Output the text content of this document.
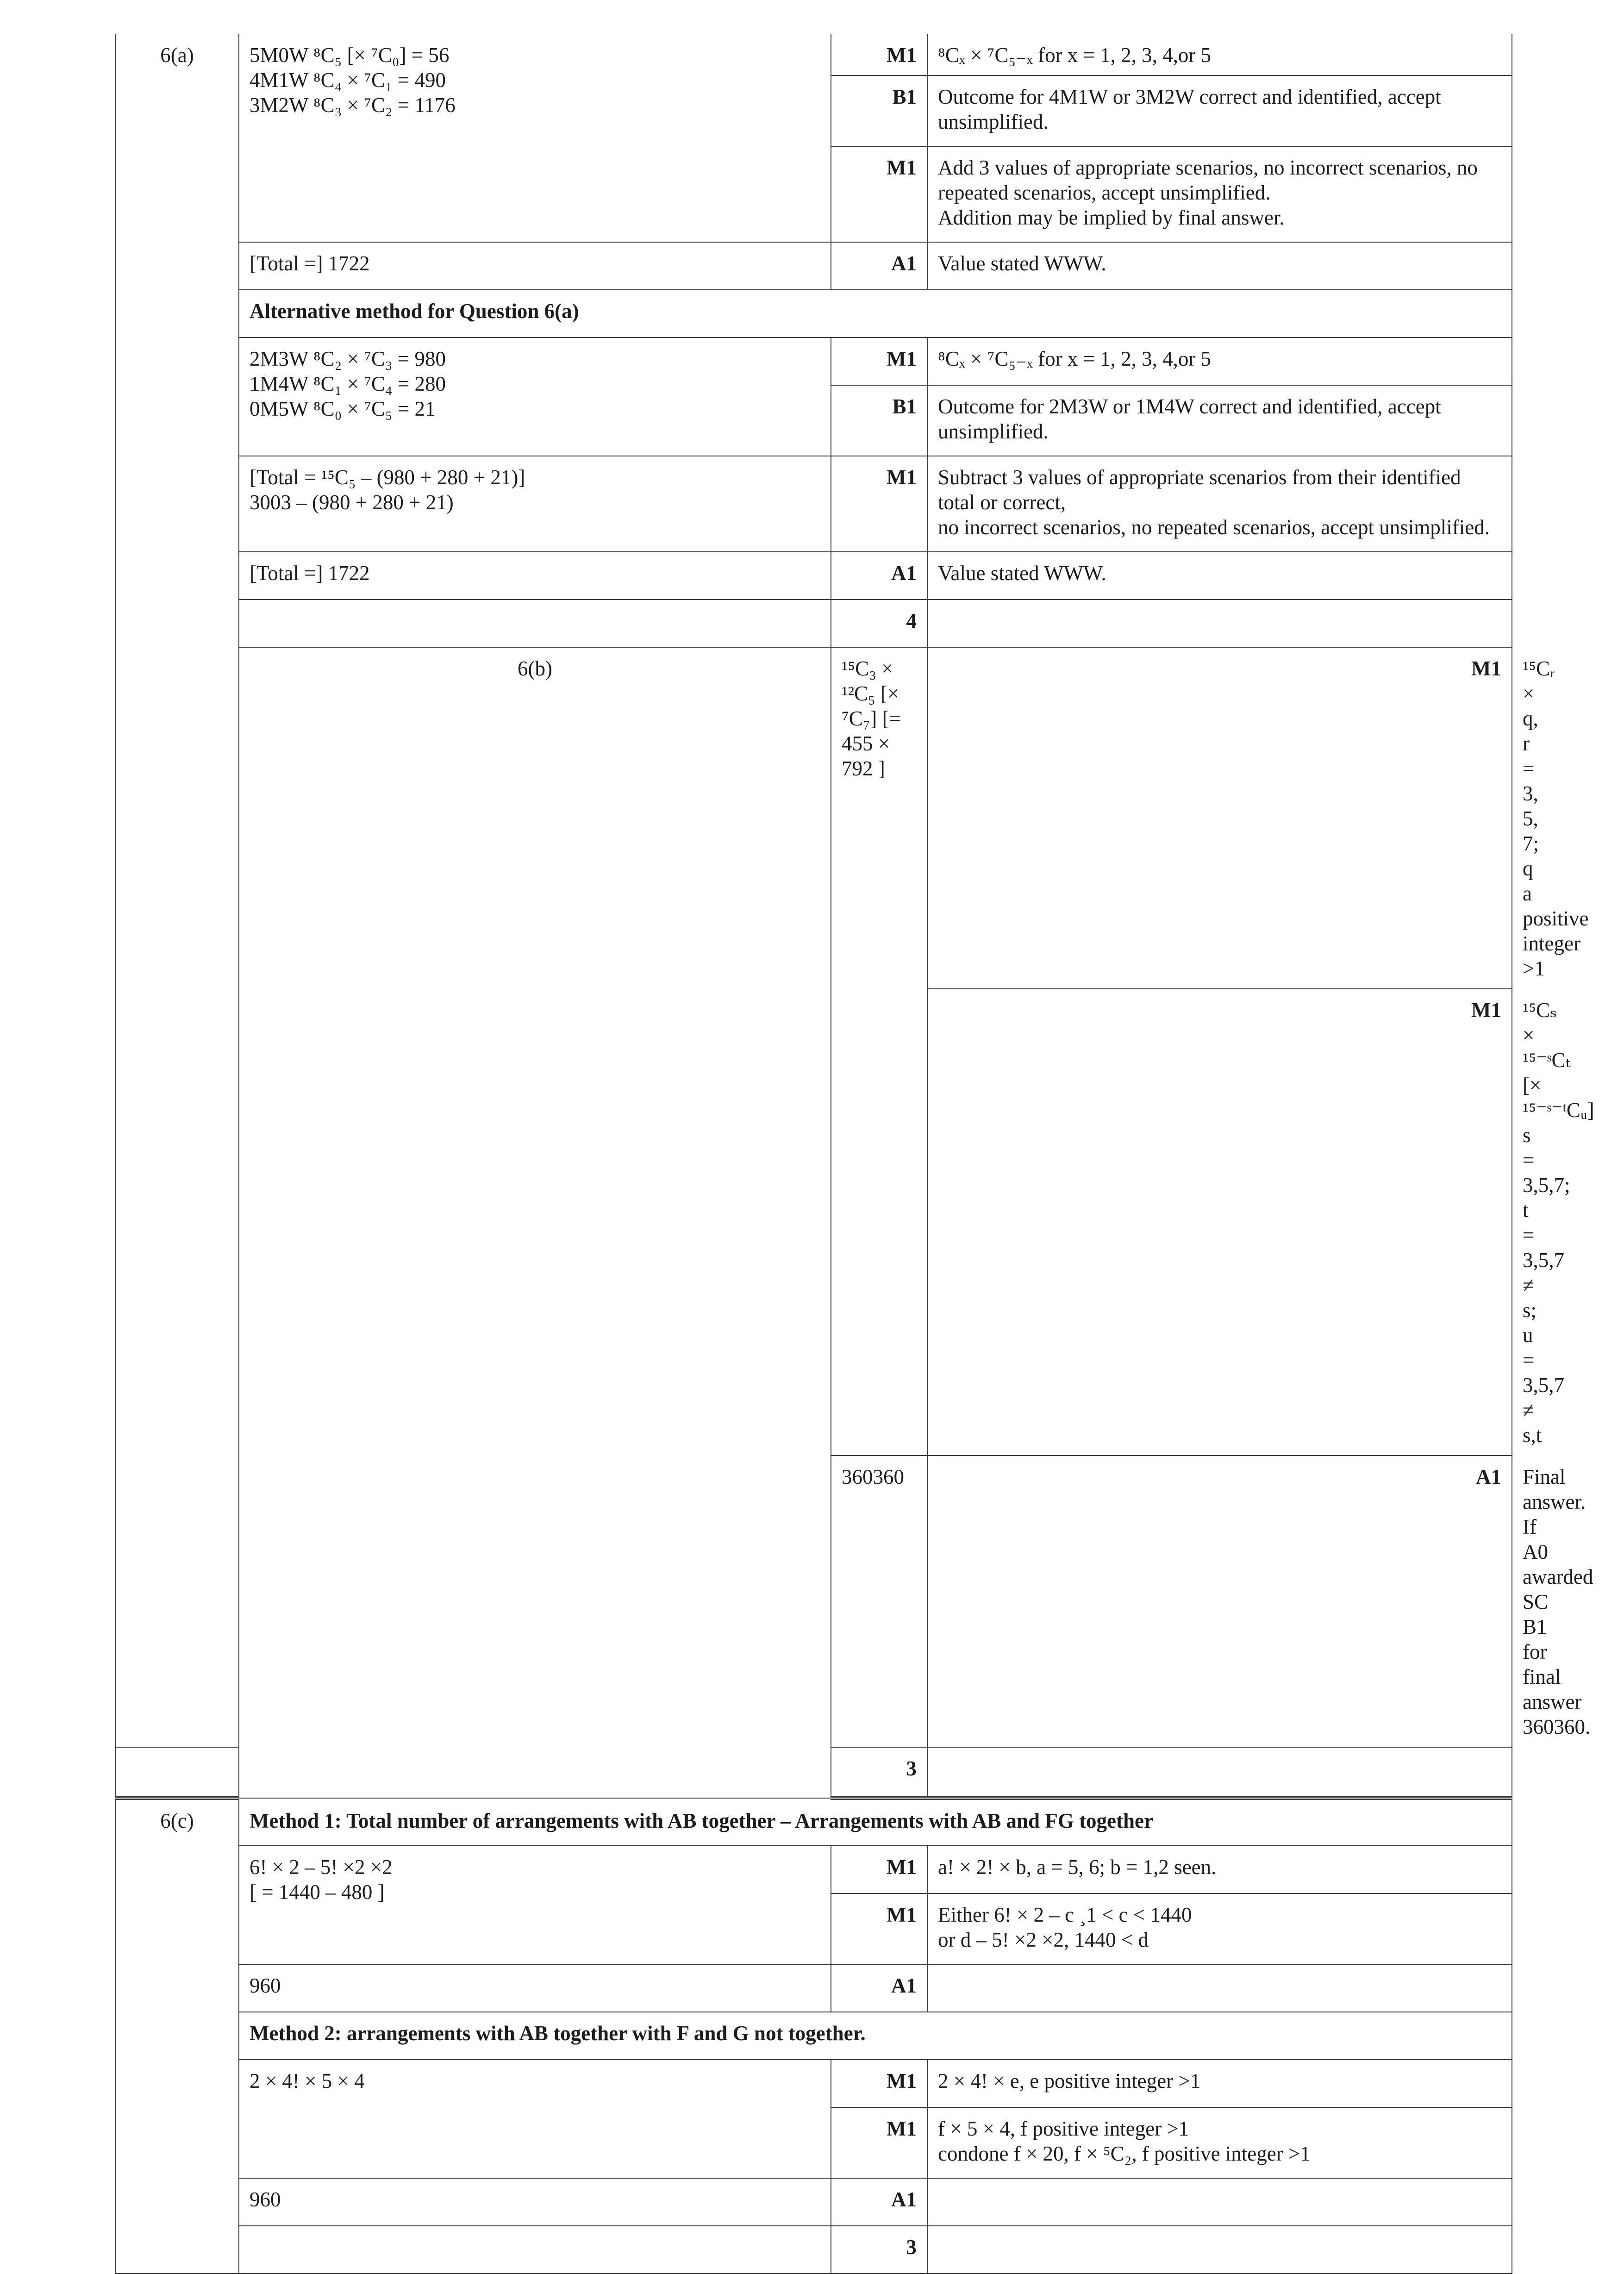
6(a)	5M0W ⁸C₅ [× ⁷C₀] = 56
4M1W ⁸C₄ × ⁷C₁ = 490
3M2W ⁸C₃ × ⁷C₂ = 1176	M1	⁸Cₓ × ⁷C₅₋ₓ for x = 1, 2, 3, 4,or 5	

		B1	Outcome for 4M1W or 3M2W correct and identified, accept
unsimplified.	

		M1	Add 3 values of appropriate scenarios, no incorrect scenarios, no
repeated scenarios, accept unsimplified.
Addition may be implied by final answer.	

	[Total =] 1722	A1	Value stated WWW.	
	Alternative method for Question 6(a)			

	2M3W ⁸C₂ × ⁷C₃ = 980
1M4W ⁸C₁ × ⁷C₄ = 280
0M5W ⁸C₀ × ⁷C₅ = 21	M1	⁸Cₓ × ⁷C₅₋ₓ for x = 1, 2, 3, 4,or 5	

		B1	Outcome for 2M3W or 1M4W correct and identified, accept
unsimplified.	

	[Total = ¹⁵C₅ – (980 + 280 + 21)]
3003 – (980 + 280 + 21)	M1	Subtract 3 values of appropriate scenarios from their identified
total or correct,
no incorrect scenarios, no repeated scenarios, accept unsimplified.	

	[Total =] 1722	A1	Value stated WWW.	
		4		
	6(b)	¹⁵C₃ × ¹²C₅ [× ⁷C₇] [= 455 × 792 ]	M1	¹⁵Cᵣ × q, r = 3, 5, 7; q a positive integer >1

			M1	¹⁵Cₛ × ¹⁵⁻ˢCₜ [× ¹⁵⁻ˢ⁻ᵗCᵤ] s = 3,5,7; t = 3,5,7 ≠ s; u = 3,5,7 ≠ s,t

		360360	A1	Final answer.
If A0 awarded SC B1 for final answer 360360.

		3		
6(c)	Method 1: Total number of arrangements with AB together – Arrangements with AB and FG together			

	6! × 2 – 5! ×2 ×2
[ = 1440 – 480 ]	M1	a! × 2! × b, a = 5, 6; b = 1,2 seen.	

		M1	Either 6! × 2 – c ¸1 < c < 1440
or d – 5! ×2 ×2, 1440 < d	

	960	A1		
	Method 2: arrangements with AB together with F and G not together.			
	2 × 4! × 5 × 4	M1	2 × 4! × e, e positive integer >1	

		M1	f × 5 × 4, f positive integer >1
condone f × 20, f × ⁵C₂, f positive integer >1	

	960	A1		
		3		
